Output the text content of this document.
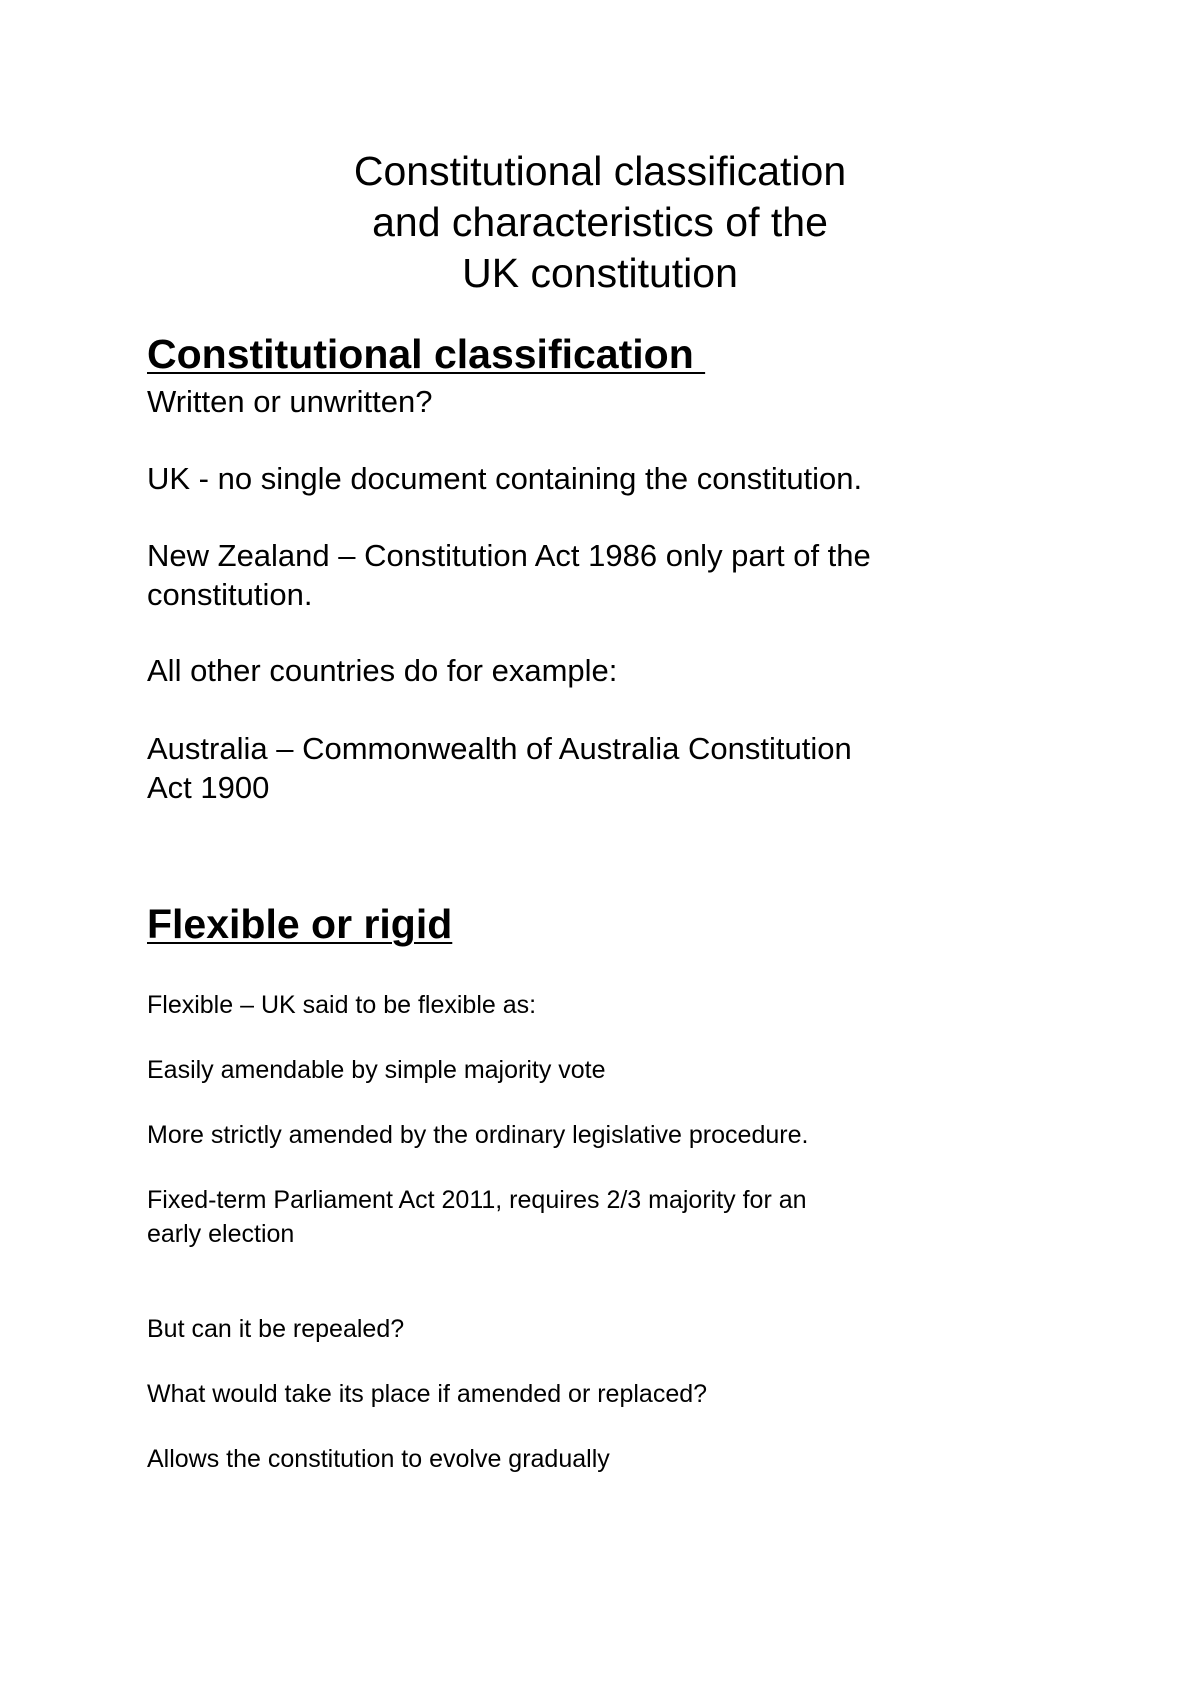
Constitutional classification
and characteristics of the
UK constitution
Constitutional classification

Written or unwritten?

UK - no single document containing the constitution.

New Zealand – Constitution Act 1986 only part of the

constitution.

All other countries do for example:

Australia – Commonwealth of Australia Constitution

Act 1900

Flexible or rigid

Flexible – UK said to be flexible as:

Easily amendable by simple majority vote

More strictly amended by the ordinary legislative procedure.

Fixed-term Parliament Act 2011, requires 2/3 majority for an

early election

But can it be repealed?

What would take its place if amended or replaced?

Allows the constitution to evolve gradually
